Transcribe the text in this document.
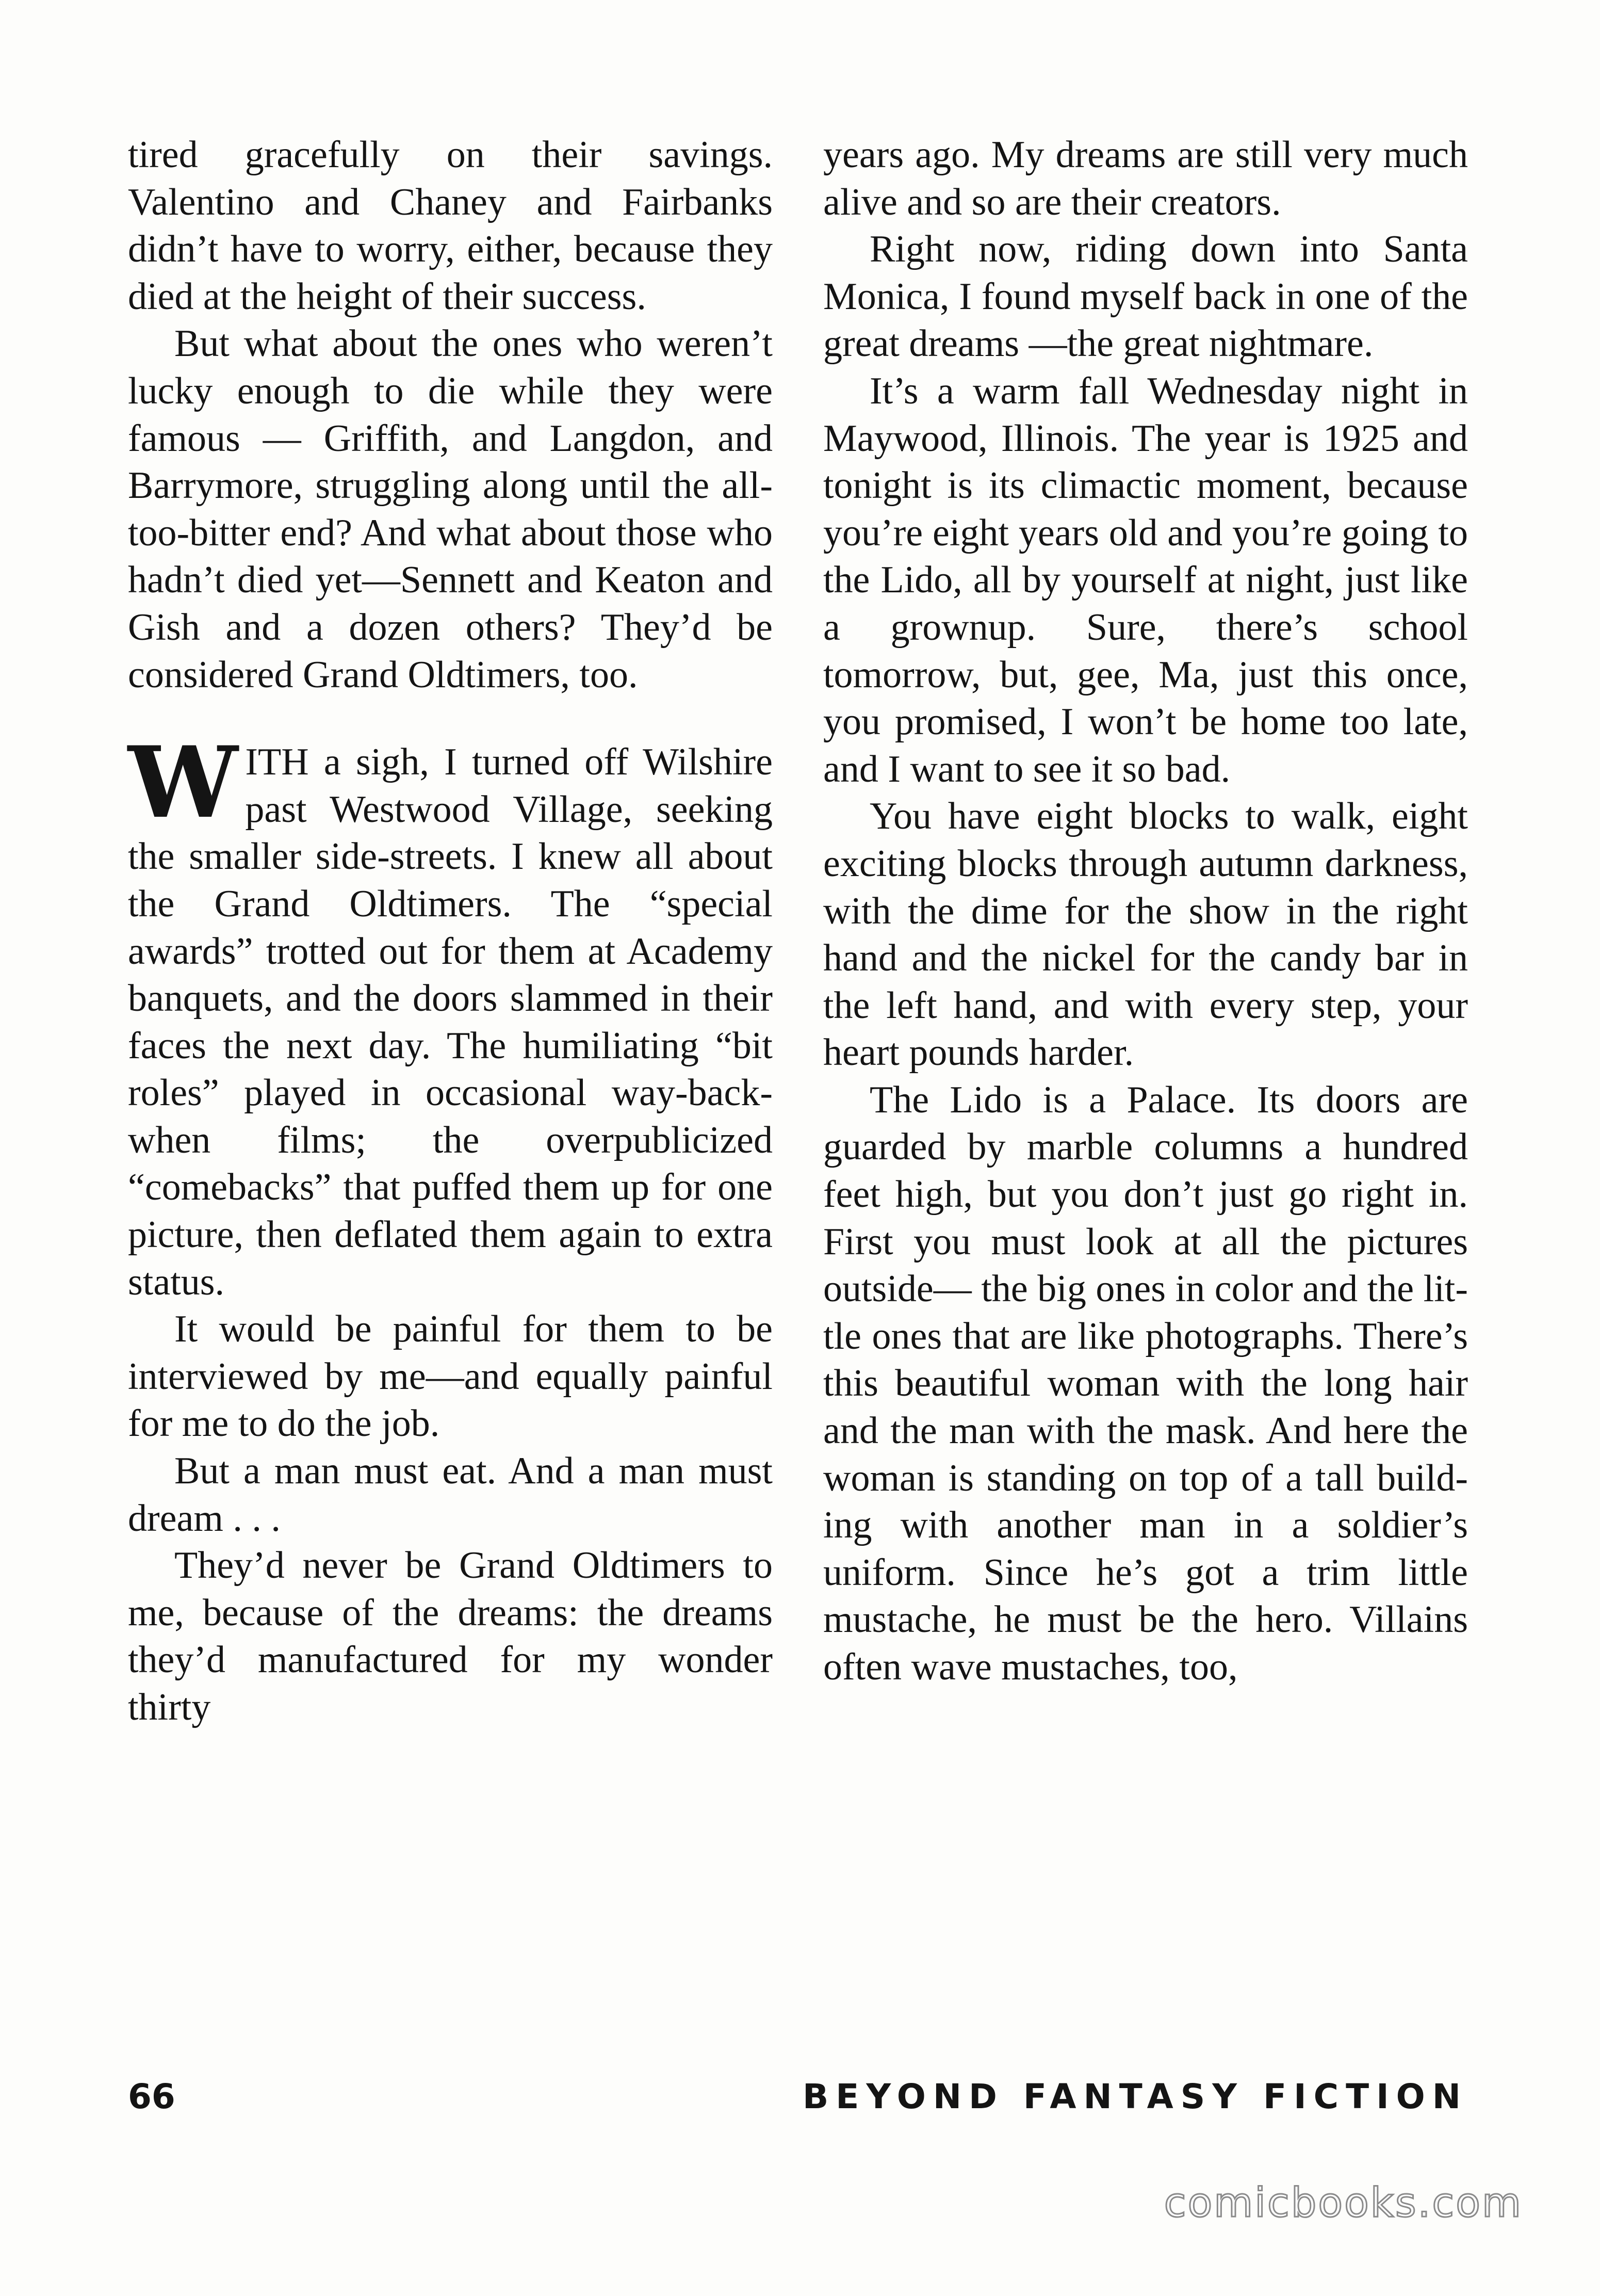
tired gracefully on their savings. Valentino and Chaney and Fairbanks didn’t have to worry, either, because they died at the height of their success.

But what about the ones who weren’t lucky enough to die while they were famous — Griffith, and Langdon, and Barrymore, struggling along until the all-too-bitter end? And what about those who hadn’t died yet—Sennett and Keaton and Gish and a dozen others? They’d be considered Grand Oldtimers, too.

WITH a sigh, I turned off Wilshire past Westwood Village, seeking the smaller side-streets. I knew all about the Grand Oldtimers. The “special awards” trotted out for them at Academy banquets, and the doors slammed in their faces the next day. The humiliating “bit roles” played in occasional way-back-when films; the overpublicized “comebacks” that puffed them up for one picture, then deflated them again to extra status.

It would be painful for them to be interviewed by me—and equally painful for me to do the job.

But a man must eat. And a man must dream . . .

They’d never be Grand Oldtimers to me, because of the dreams: the dreams they’d manufactured for my wonder thirty

years ago. My dreams are still very much alive and so are their creators.

Right now, riding down into Santa Monica, I found myself back in one of the great dreams —the great nightmare.

It’s a warm fall Wednesday night in Maywood, Illinois. The year is 1925 and tonight is its climactic moment, because you’re eight years old and you’re going to the Lido, all by yourself at night, just like a grownup. Sure, there’s school tomorrow, but, gee, Ma, just this once, you promised, I won’t be home too late, and I want to see it so bad.

You have eight blocks to walk, eight exciting blocks through autumn darkness, with the dime for the show in the right hand and the nickel for the candy bar in the left hand, and with every step, your heart pounds harder.

The Lido is a Palace. Its doors are guarded by marble columns a hundred feet high, but you don’t just go right in. First you must look at all the pictures outside— the big ones in color and the little ones that are like photographs. There’s this beautiful woman with the long hair and the man with the mask. And here the woman is standing on top of a tall building with another man in a soldier’s uniform. Since he’s got a trim little mustache, he must be the hero. Villains often wave mustaches, too,

66	BEYOND FANTASY FICTION
comicbooks.com
